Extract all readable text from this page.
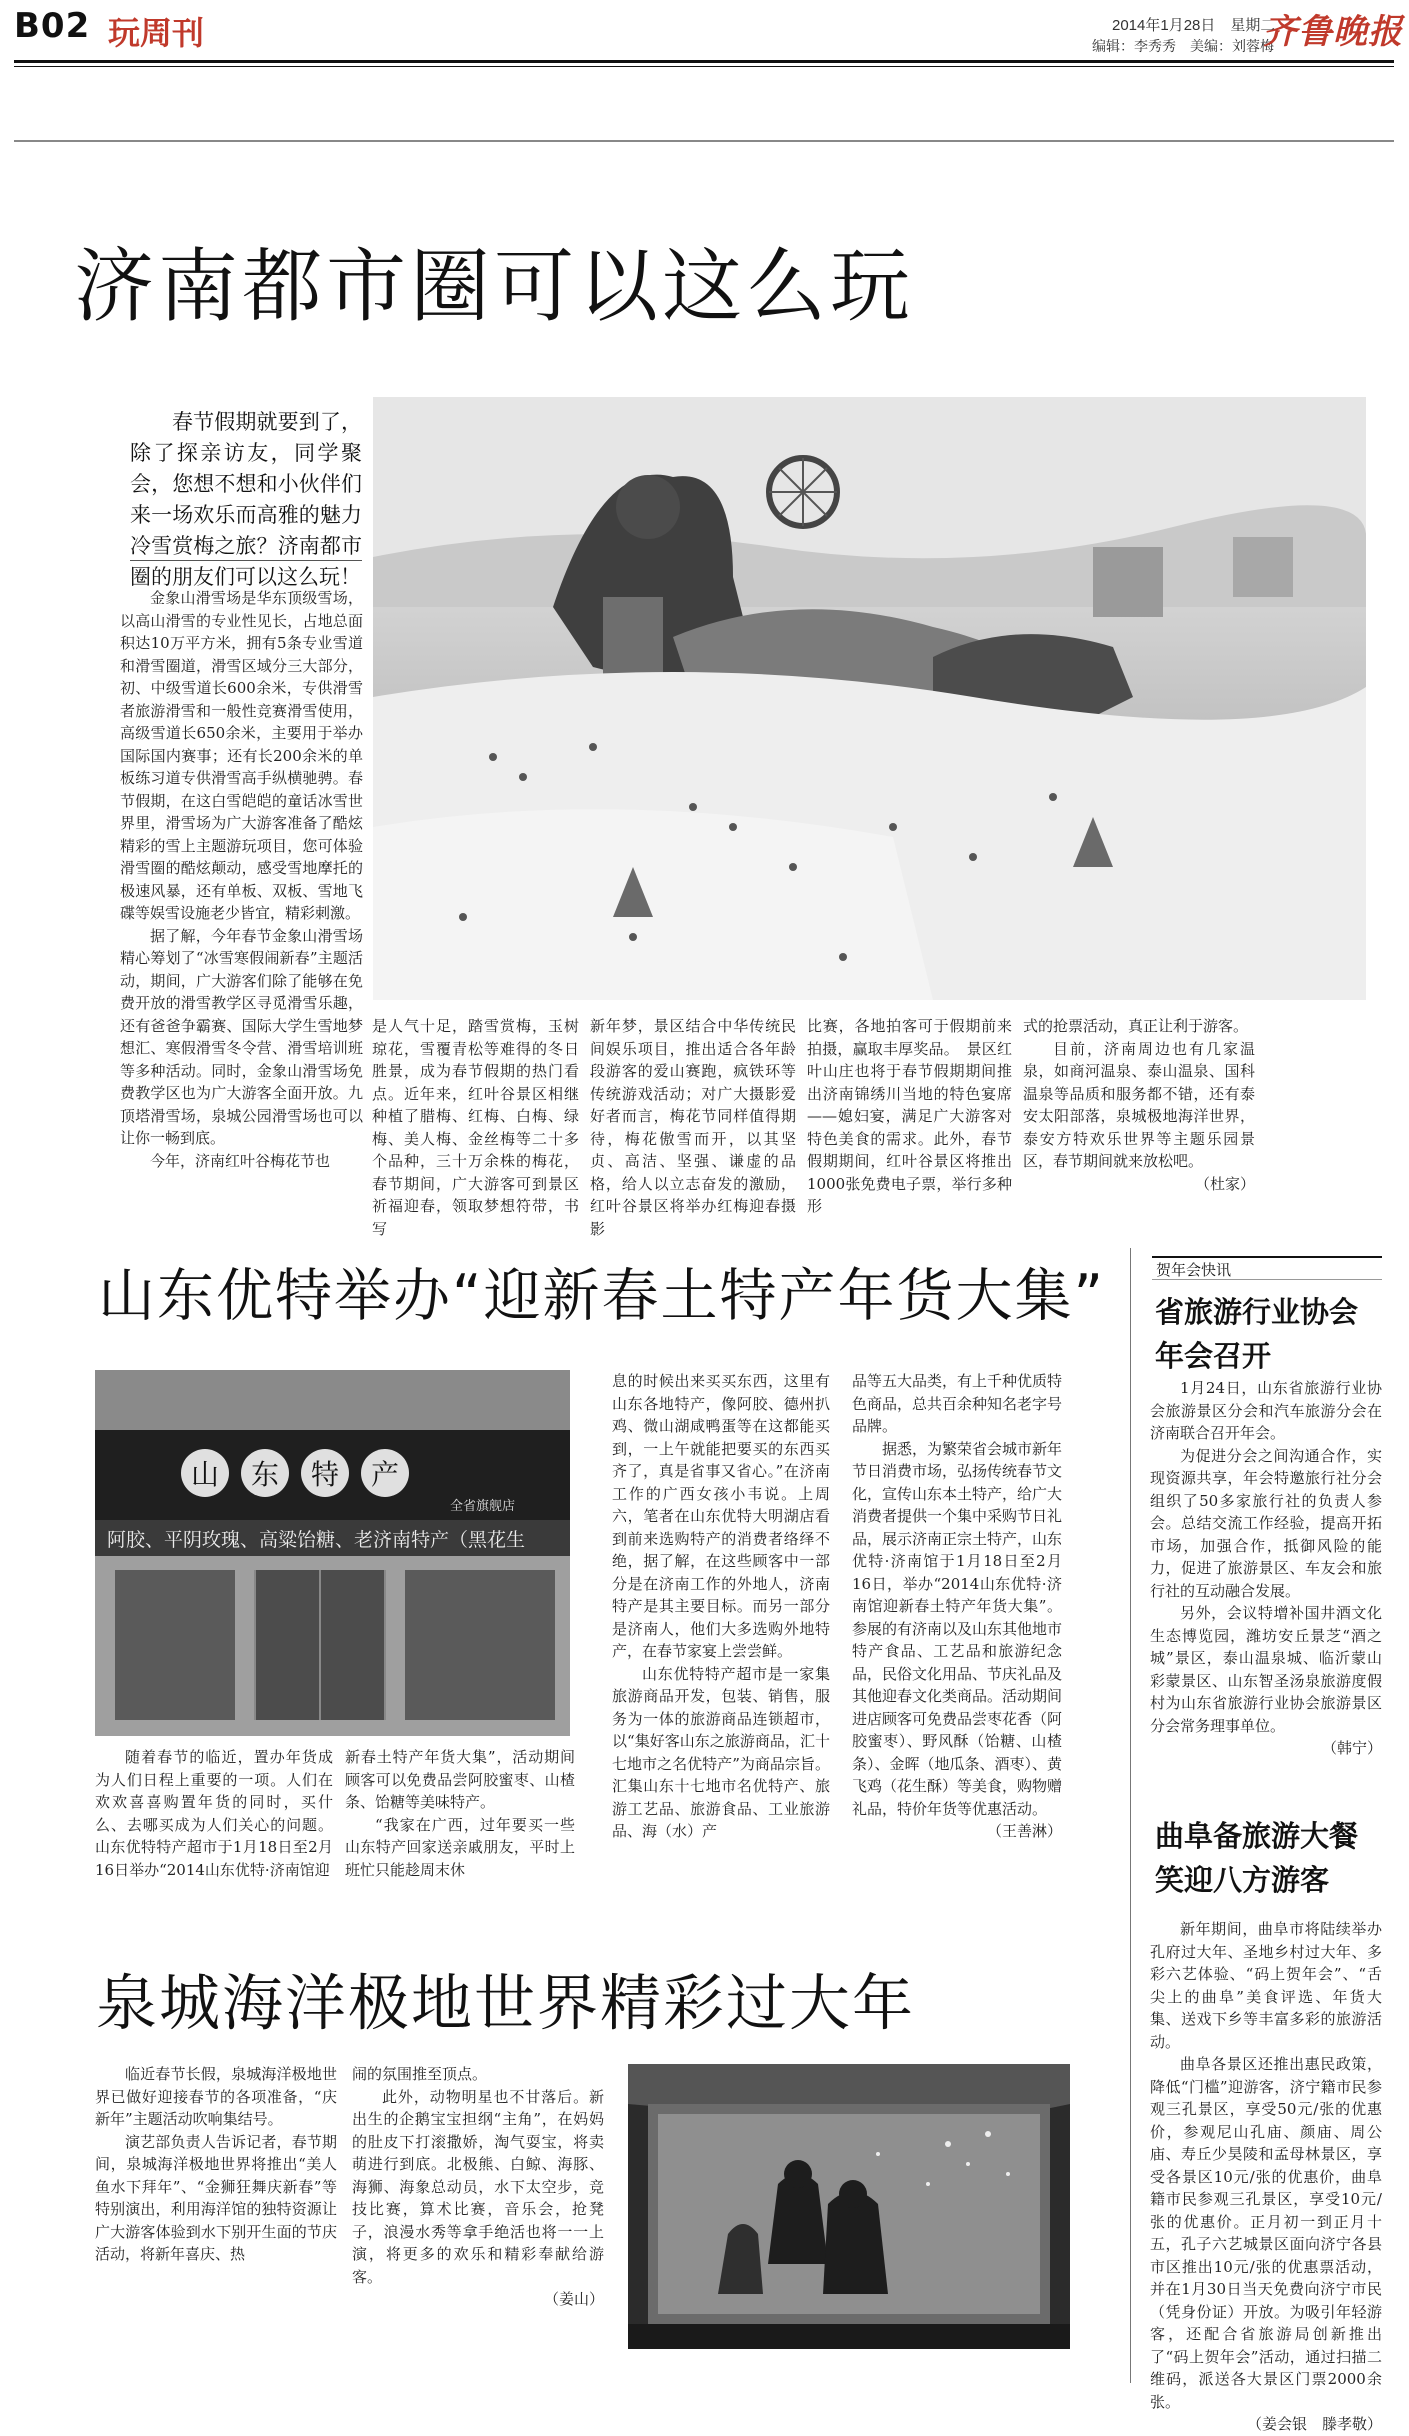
B02 玩周刊	2014年1月28日　星期二
编辑：李秀秀　美编：刘蓉梅
齐鲁晚报
济南都市圈可以这么玩
春节假期就要到了，除了探亲访友，同学聚会，您想不想和小伙伴们来一场欢乐而高雅的魅力冷雪赏梅之旅？济南都市圈的朋友们可以这么玩！

金象山滑雪场是华东顶级雪场，以高山滑雪的专业性见长，占地总面积达10万平方米，拥有5条专业雪道和滑雪圈道，滑雪区域分三大部分，初、中级雪道长600余米，专供滑雪者旅游滑雪和一般性竞赛滑雪使用，高级雪道长650余米，主要用于举办国际国内赛事；还有长200余米的单板练习道专供滑雪高手纵横驰骋。春节假期，在这白雪皑皑的童话冰雪世界里，滑雪场为广大游客准备了酷炫精彩的雪上主题游玩项目，您可体验滑雪圈的酷炫颠动，感受雪地摩托的极速风暴，还有单板、双板、雪地飞碟等娱雪设施老少皆宜，精彩刺激。

据了解，今年春节金象山滑雪场精心筹划了“冰雪寒假闹新春”主题活动，期间，广大游客们除了能够在免费开放的滑雪教学区寻觅滑雪乐趣，还有爸爸争霸赛、国际大学生雪地梦想汇、寒假滑雪冬令营、滑雪培训班等多种活动。同时，金象山滑雪场免费教学区也为广大游客全面开放。九顶塔滑雪场，泉城公园滑雪场也可以让你一畅到底。

今年，济南红叶谷梅花节也

是人气十足，踏雪赏梅，玉树琼花，雪覆青松等难得的冬日胜景，成为春节假期的热门看点。近年来，红叶谷景区相继种植了腊梅、红梅、白梅、绿梅、美人梅、金丝梅等二十多个品种，三十万余株的梅花，春节期间，广大游客可到景区祈福迎春，领取梦想符带，书写

新年梦，景区结合中华传统民间娱乐项目，推出适合各年龄段游客的爱山赛跑，疯铁环等传统游戏活动；对广大摄影爱好者而言，梅花节同样值得期待，梅花傲雪而开，以其坚贞、高洁、坚强、谦虚的品格，给人以立志奋发的激励，红叶谷景区将举办红梅迎春摄影

比赛，各地拍客可于假期前来拍摄，赢取丰厚奖品。　景区红叶山庄也将于春节假期期间推出济南锦绣川当地的特色宴席——媳妇宴，满足广大游客对特色美食的需求。此外，春节假期期间，红叶谷景区将推出1000张免费电子票，举行多种形

式的抢票活动，真正让利于游客。

目前，济南周边也有几家温泉，如商河温泉、泰山温泉、国科温泉等品质和服务都不错，还有泰安太阳部落，泉城极地海洋世界，泰安方特欢乐世界等主题乐园景区，春节期间就来放松吧。

（杜家）
山东优特举办“迎新春土特产年货大集”
山 东 特 产
全省旗舰店
阿胶、平阴玫瑰、高粱饴糖、老济南特产（黑花生

随着春节的临近，置办年货成为人们日程上重要的一项。人们在欢欢喜喜购置年货的同时，买什么、去哪买成为人们关心的问题。山东优特特产超市于1月18日至2月16日举办“2014山东优特·济南馆迎

新春土特产年货大集”，活动期间顾客可以免费品尝阿胶蜜枣、山楂条、饴糖等美味特产。

“我家在广西，过年要买一些山东特产回家送亲戚朋友，平时上班忙只能趁周末休

息的时候出来买买东西，这里有山东各地特产，像阿胶、德州扒鸡、微山湖咸鸭蛋等在这都能买到，一上午就能把要买的东西买齐了，真是省事又省心。”在济南工作的广西女孩小韦说。上周六，笔者在山东优特大明湖店看到前来选购特产的消费者络绎不绝，据了解，在这些顾客中一部分是在济南工作的外地人，济南特产是其主要目标。而另一部分是济南人，他们大多选购外地特产，在春节家宴上尝尝鲜。

山东优特特产超市是一家集旅游商品开发，包装、销售，服务为一体的旅游商品连锁超市，以“集好客山东之旅游商品，汇十七地市之名优特产”为商品宗旨。汇集山东十七地市名优特产、旅游工艺品、旅游食品、工业旅游品、海（水）产

品等五大品类，有上千种优质特色商品，总共百余种知名老字号品牌。

据悉，为繁荣省会城市新年节日消费市场，弘扬传统春节文化，宣传山东本土特产，给广大消费者提供一个集中采购节日礼品，展示济南正宗土特产，山东优特·济南馆于1月18日至2月16日，举办“2014山东优特·济南馆迎新春土特产年货大集”。参展的有济南以及山东其他地市特产食品、工艺品和旅游纪念品，民俗文化用品、节庆礼品及其他迎春文化类商品。活动期间进店顾客可免费品尝枣花香（阿胶蜜枣）、野风酥（饴糖、山楂条）、金晖（地瓜条、酒枣）、黄飞鸡（花生酥）等美食，购物赠礼品，特价年货等优惠活动。

（王善淋）
贺年会快讯
省旅游行业协会年会召开

1月24日，山东省旅游行业协会旅游景区分会和汽车旅游分会在济南联合召开年会。

为促进分会之间沟通合作，实现资源共享，年会特邀旅行社分会组织了50多家旅行社的负责人参会。总结交流工作经验，提高开拓市场，加强合作，抵御风险的能力，促进了旅游景区、车友会和旅行社的互动融合发展。

另外，会议特增补国井酒文化生态博览园，潍坊安丘景芝“酒之城”景区，泰山温泉城、临沂蒙山彩蒙景区、山东智圣汤泉旅游度假村为山东省旅游行业协会旅游景区分会常务理事单位。

（韩宁）
曲阜备旅游大餐笑迎八方游客

新年期间，曲阜市将陆续举办孔府过大年、圣地乡村过大年、多彩六艺体验、“码上贺年会”、“舌尖上的曲阜”美食评选、年货大集、送戏下乡等丰富多彩的旅游活动。

曲阜各景区还推出惠民政策，降低“门槛”迎游客，济宁籍市民参观三孔景区，享受50元/张的优惠价，参观尼山孔庙、颜庙、周公庙、寿丘少昊陵和孟母林景区，享受各景区10元/张的优惠价，曲阜籍市民参观三孔景区，享受10元/张的优惠价。正月初一到正月十五，孔子六艺城景区面向济宁各县市区推出10元/张的优惠票活动，并在1月30日当天免费向济宁市民（凭身份证）开放。为吸引年轻游客，还配合省旅游局创新推出了“码上贺年会”活动，通过扫描二维码，派送各大景区门票2000余张。

（姜会银　滕孝敬）
泉城海洋极地世界精彩过大年

临近春节长假，泉城海洋极地世界已做好迎接春节的各项准备，“庆新年”主题活动吹响集结号。

演艺部负责人告诉记者，春节期间，泉城海洋极地世界将推出“美人鱼水下拜年”、“金狮狂舞庆新春”等特别演出，利用海洋馆的独特资源让广大游客体验到水下别开生面的节庆活动，将新年喜庆、热

闹的氛围推至顶点。

此外，动物明星也不甘落后。新出生的企鹅宝宝担纲“主角”，在妈妈的肚皮下打滚撒娇，淘气耍宝，将卖萌进行到底。北极熊、白鲸、海豚、海狮、海象总动员，水下太空步，竞技比赛，算术比赛，音乐会，抢凳子，浪漫水秀等拿手绝活也将一一上演，将更多的欢乐和精彩奉献给游客。

（姜山）
